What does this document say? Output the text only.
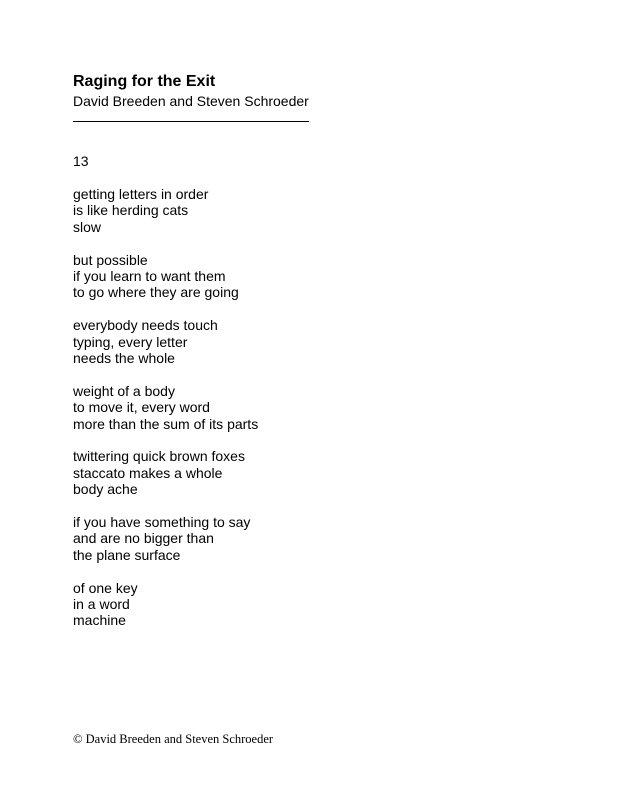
Raging for the Exit
David Breeden and Steven Schroeder
13
getting letters in order
is like herding cats
slow
but possible
if you learn to want them
to go where they are going
everybody needs touch
typing, every letter
needs the whole
weight of a body
to move it, every word
more than the sum of its parts
twittering quick brown foxes
staccato makes a whole
body ache
if you have something to say
and are no bigger than
the plane surface
of one key
in a word
machine
© David Breeden and Steven Schroeder
